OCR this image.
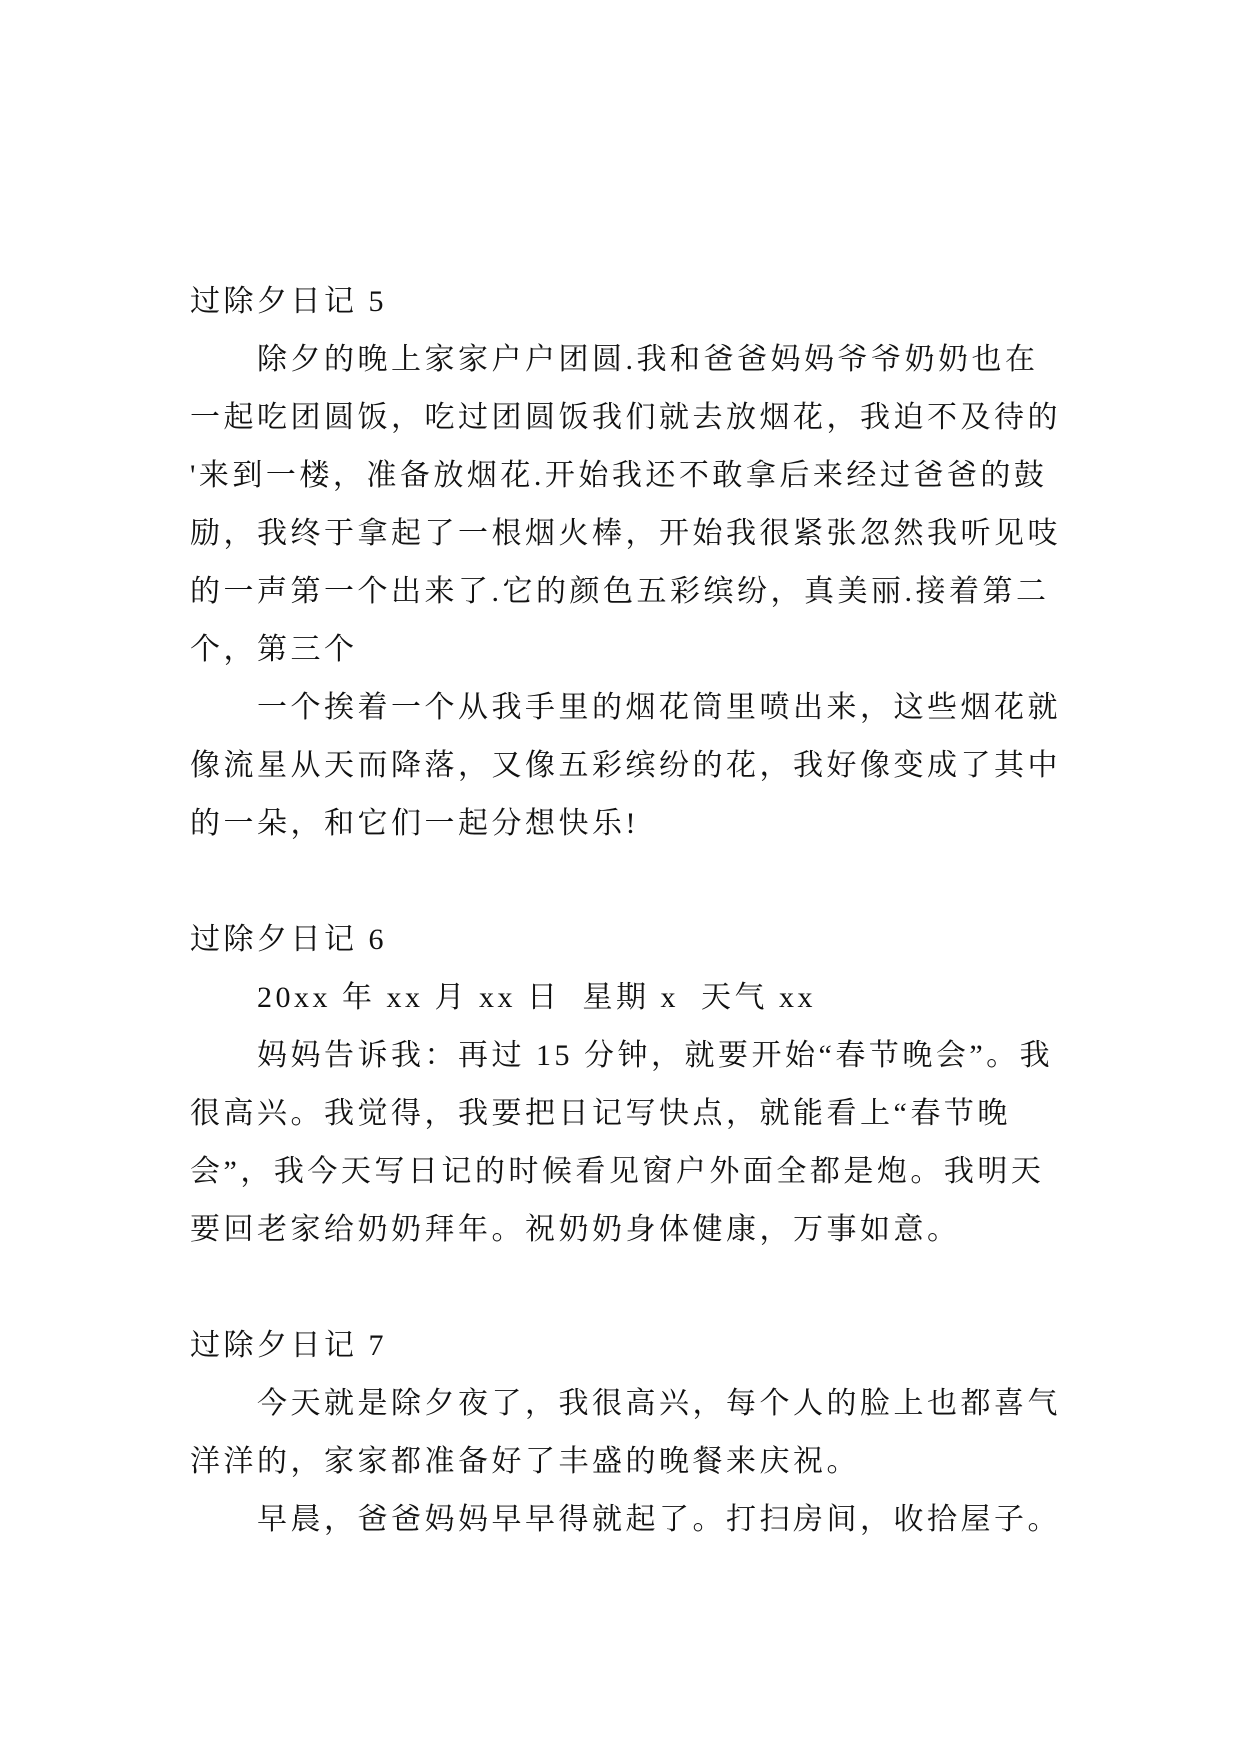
过除夕日记 5
除夕的晚上家家户户团圆.我和爸爸妈妈爷爷奶奶也在
一起吃团圆饭，吃过团圆饭我们就去放烟花，我迫不及待的
'来到一楼，准备放烟花.开始我还不敢拿后来经过爸爸的鼓
励，我终于拿起了一根烟火棒，开始我很紧张忽然我听见吱
的一声第一个出来了.它的颜色五彩缤纷，真美丽.接着第二
个，第三个
一个挨着一个从我手里的烟花筒里喷出来，这些烟花就
像流星从天而降落，又像五彩缤纷的花，我好像变成了其中
的一朵，和它们一起分想快乐!
过除夕日记 6
20xx 年 xx 月 xx 日  星期 x  天气 xx
妈妈告诉我：再过 15 分钟，就要开始“春节晚会”。我
很高兴。我觉得，我要把日记写快点，就能看上“春节晚
会”，我今天写日记的时候看见窗户外面全都是炮。我明天
要回老家给奶奶拜年。祝奶奶身体健康，万事如意。
过除夕日记 7
今天就是除夕夜了，我很高兴，每个人的脸上也都喜气
洋洋的，家家都准备好了丰盛的晚餐来庆祝。
早晨，爸爸妈妈早早得就起了。打扫房间，收拾屋子。
